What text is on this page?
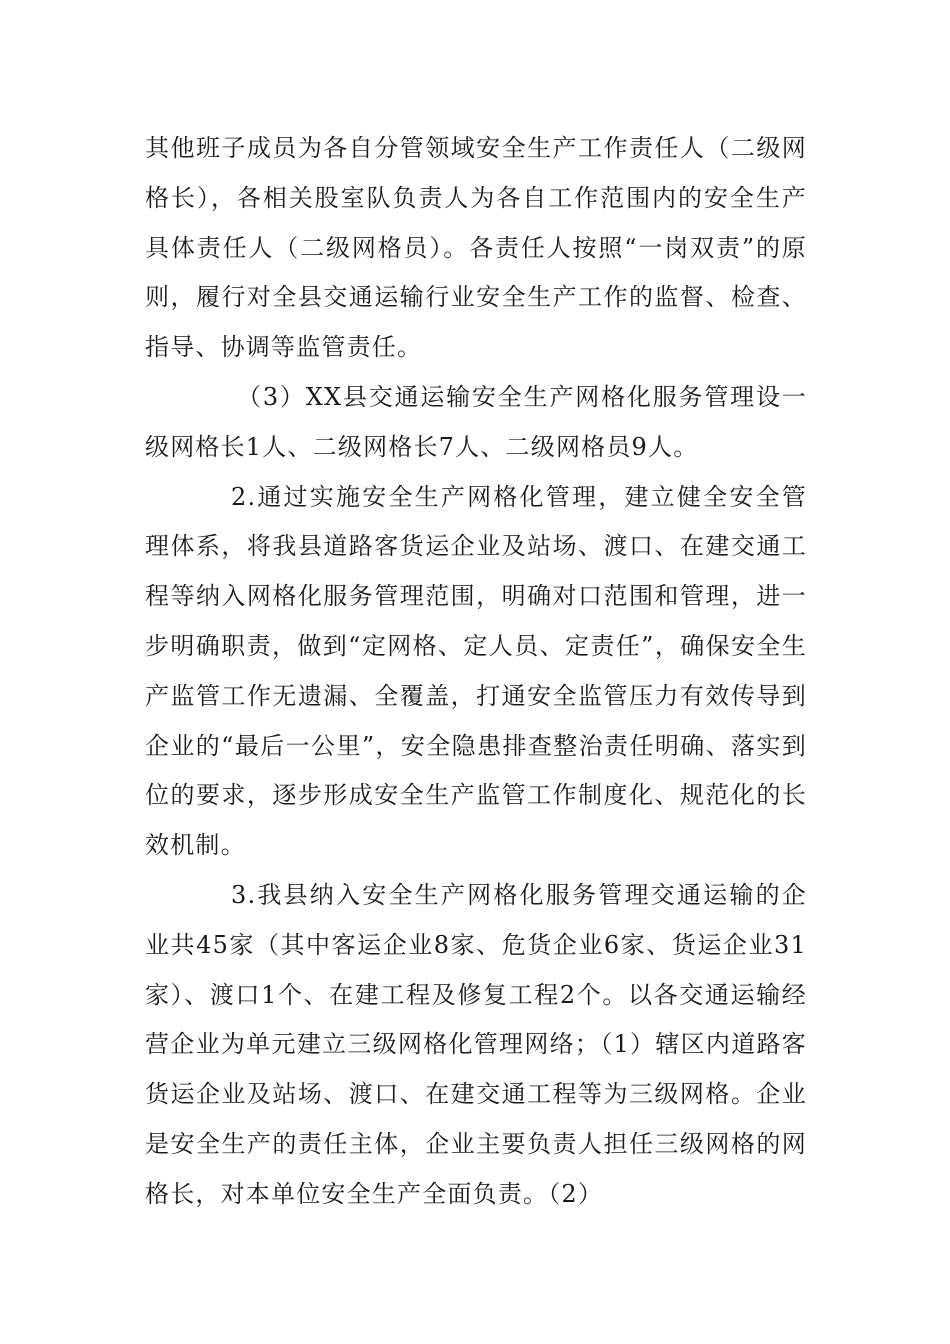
其他班子成员为各自分管领域安全生产工作责任人（二级网格长），各相关股室队负责人为各自工作范围内的安全生产具体责任人（二级网格员）。各责任人按照“一岗双责”的原则，履行对全县交通运输行业安全生产工作的监督、检查、指导、协调等监管责任。

（3）XX县交通运输安全生产网格化服务管理设一级网格长1人、二级网格长7人、二级网格员9人。

2.通过实施安全生产网格化管理，建立健全安全管理体系，将我县道路客货运企业及站场、渡口、在建交通工程等纳入网格化服务管理范围，明确对口范围和管理，进一步明确职责，做到“定网格、定人员、定责任”，确保安全生产监管工作无遗漏、全覆盖，打通安全监管压力有效传导到企业的“最后一公里”，安全隐患排查整治责任明确、落实到位的要求，逐步形成安全生产监管工作制度化、规范化的长效机制。

3.我县纳入安全生产网格化服务管理交通运输的企业共45家（其中客运企业8家、危货企业6家、货运企业31家）、渡口1个、在建工程及修复工程2个。以各交通运输经营企业为单元建立三级网格化管理网络；（1）辖区内道路客货运企业及站场、渡口、在建交通工程等为三级网格。企业是安全生产的责任主体，企业主要负责人担任三级网格的网格长，对本单位安全生产全面负责。（2）
